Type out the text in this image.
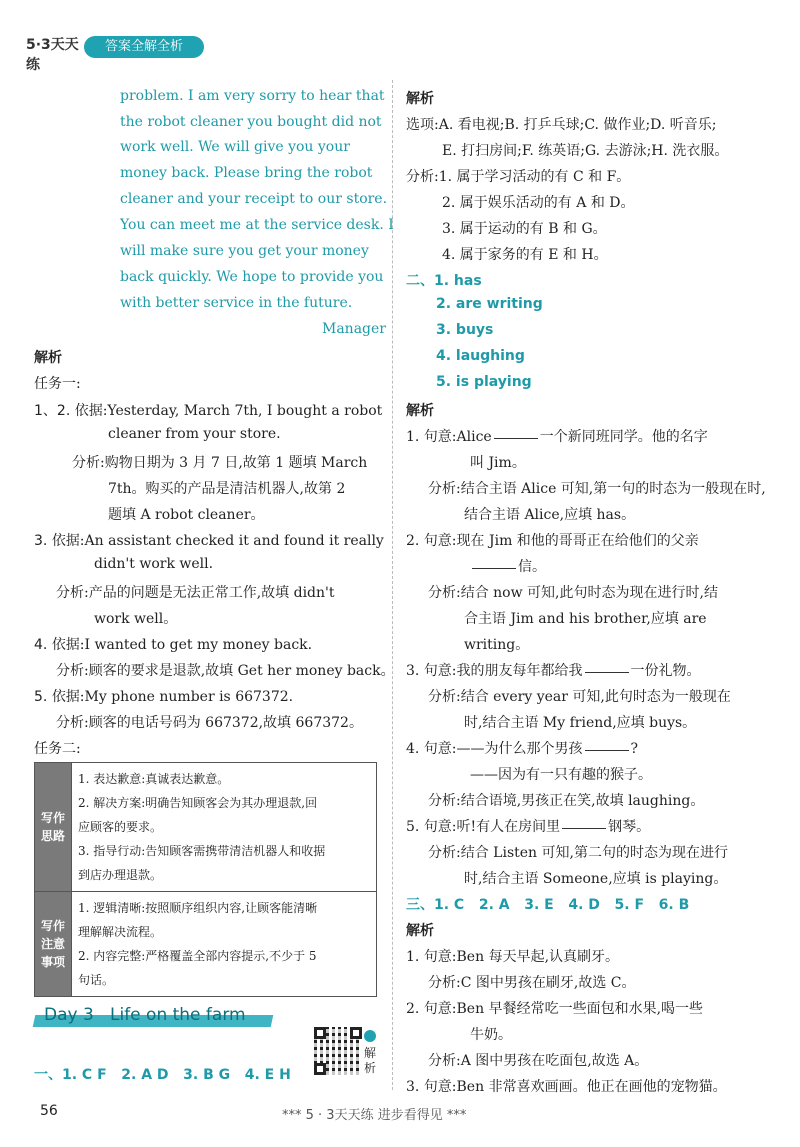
5·3天天练
答案全解全析
problem. I am very sorry to hear that
the robot cleaner you bought did not
work well. We will give you your
money back. Please bring the robot
cleaner and your receipt to our store.
You can meet me at the service desk. I
will make sure you get your money
back quickly. We hope to provide you
with better service in the future.
Manager
解析
任务一:
1、2. 依据:Yesterday, March 7th, I bought a robot
cleaner from your store.
分析:购物日期为 3 月 7 日,故第 1 题填 March
7th。购买的产品是清洁机器人,故第 2
题填 A robot cleaner。
3. 依据:An assistant checked it and found it really
didn't work well.
分析:产品的问题是无法正常工作,故填 didn't
work well。
4. 依据:I wanted to get my money back.
分析:顾客的要求是退款,故填 Get her money back。
5. 依据:My phone number is 667372.
分析:顾客的电话号码为 667372,故填 667372。
任务二:
写作思路	1. 表达歉意:真诚表达歉意。
2. 解决方案:明确告知顾客会为其办理退款,回
应顾客的要求。
3. 指导行动:告知顾客需携带清洁机器人和收据
到店办理退款。

写作注意事项	1. 逻辑清晰:按照顺序组织内容,让顾客能清晰
理解解决流程。
2. 内容完整:严格覆盖全部内容提示,不少于 5
句话。
Day 3   Life on the farm
解析
一、1. C F   2. A D   3. B G   4. E H
解析
选项:A. 看电视;B. 打乒乓球;C. 做作业;D. 听音乐;
E. 打扫房间;F. 练英语;G. 去游泳;H. 洗衣服。
分析:1. 属于学习活动的有 C 和 F。
2. 属于娱乐活动的有 A 和 D。
3. 属于运动的有 B 和 G。
4. 属于家务的有 E 和 H。
二、1. has
2. are writing
3. buys
4. laughing
5. is playing
解析
1. 句意:Alice	一个新同班同学。他的名字
叫 Jim。
分析:结合主语 Alice 可知,第一句的时态为一般现在时,
结合主语 Alice,应填 has。
2. 句意:现在 Jim 和他的哥哥正在给他们的父亲
信。
分析:结合 now 可知,此句时态为现在进行时,结
合主语 Jim and his brother,应填 are
writing。
3. 句意:我的朋友每年都给我	一份礼物。
分析:结合 every year 可知,此句时态为一般现在
时,结合主语 My friend,应填 buys。
4. 句意:——为什么那个男孩	?
——因为有一只有趣的猴子。
分析:结合语境,男孩正在笑,故填 laughing。
5. 句意:听!有人在房间里	钢琴。
分析:结合 Listen 可知,第二句的时态为现在进行
时,结合主语 Someone,应填 is playing。
三、1. C   2. A   3. E   4. D   5. F   6. B
解析
1. 句意:Ben 每天早起,认真刷牙。
分析:C 图中男孩在刷牙,故选 C。
2. 句意:Ben 早餐经常吃一些面包和水果,喝一些
牛奶。
分析:A 图中男孩在吃面包,故选 A。
3. 句意:Ben 非常喜欢画画。他正在画他的宠物猫。
56	*** 5 · 3天天练 进步看得见 ***
